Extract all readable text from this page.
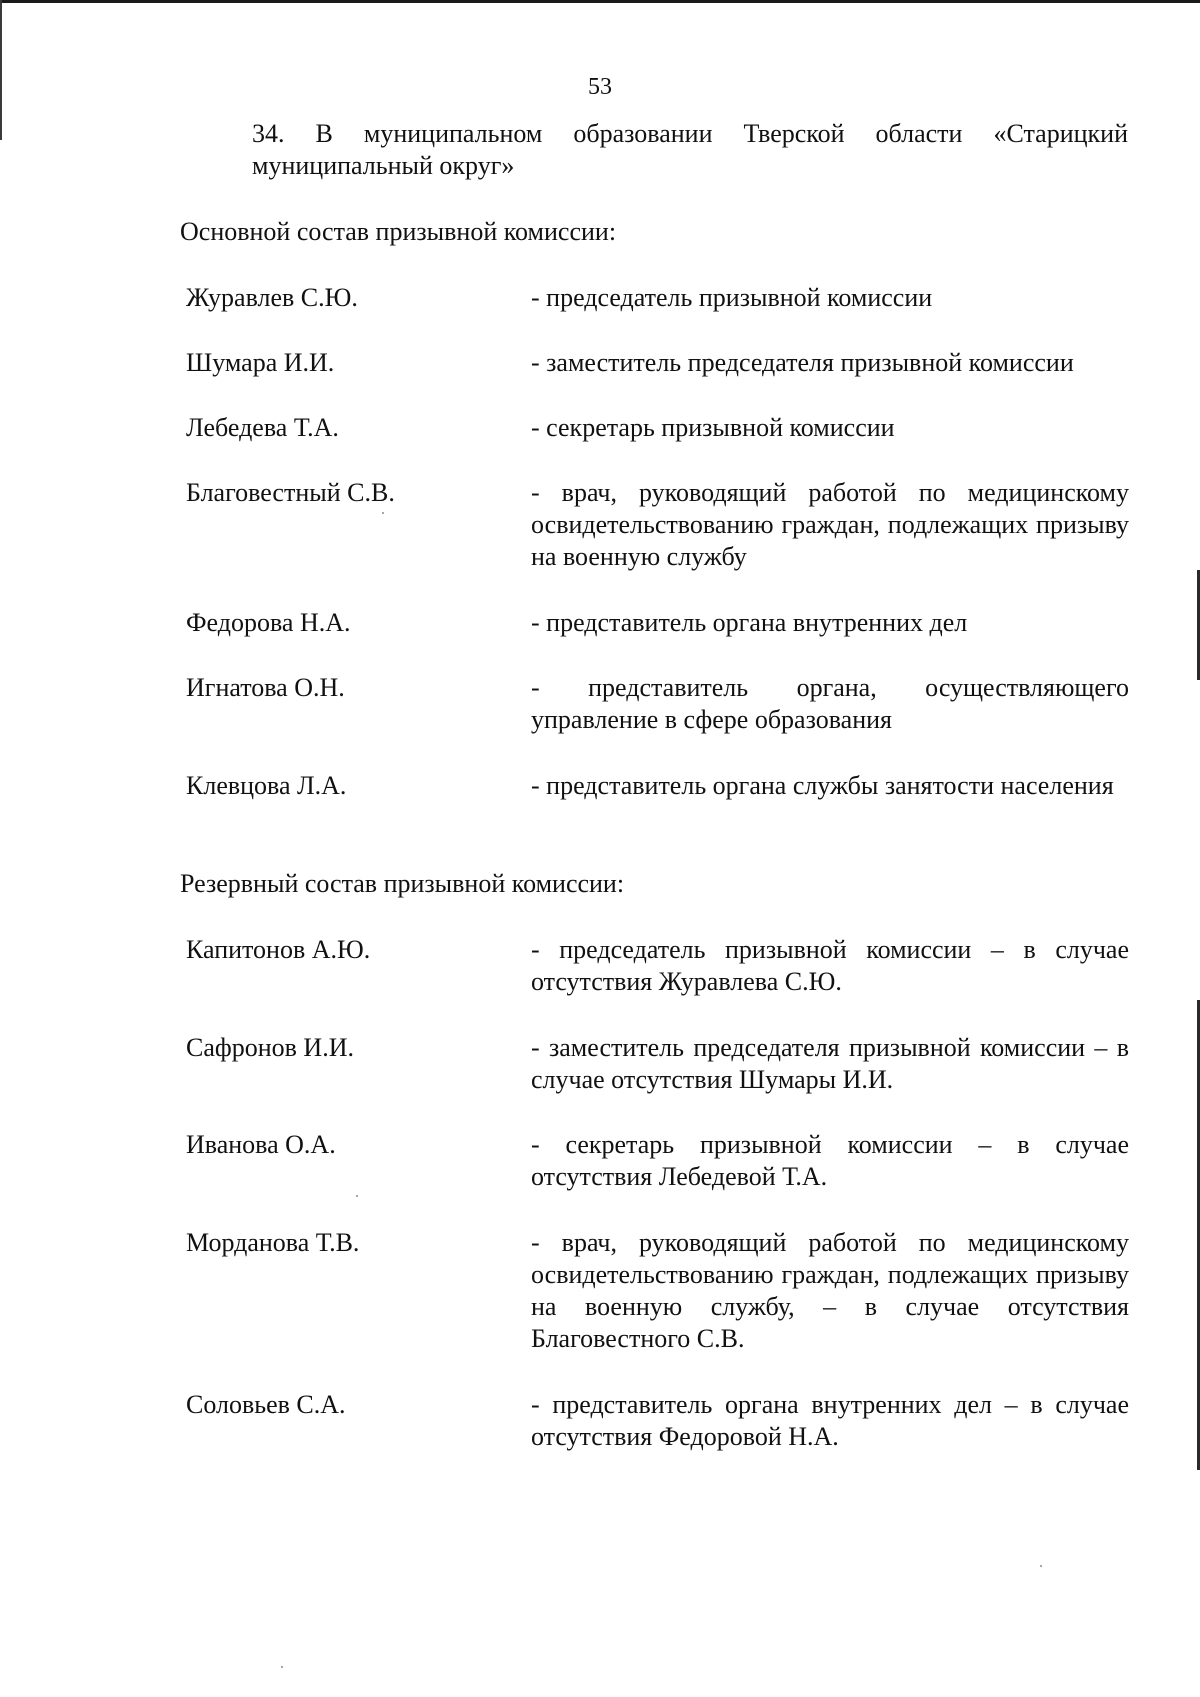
53
34. В муниципальном образовании Тверской области «Старицкий муниципальный округ»
Основной состав призывной комиссии:
Журавлев С.Ю.	- председатель призывной комиссии
Шумара И.И.	- заместитель председателя призывной комиссии
Лебедева Т.А.	- секретарь призывной комиссии
Благовестный С.В.	- врач, руководящий работой по медицинскому освидетельствованию граждан, подлежащих призыву на военную службу
Федорова Н.А.	- представитель органа внутренних дел
Игнатова О.Н.	- представитель органа, осуществляющего управление в сфере образования
Клевцова Л.А.	- представитель органа службы занятости населения
Резервный состав призывной комиссии:
Капитонов А.Ю.	- председатель призывной комиссии – в случае отсутствия Журавлева С.Ю.
Сафронов И.И.	- заместитель председателя призывной комиссии – в случае отсутствия Шумары И.И.
Иванова О.А.	- секретарь призывной комиссии – в случае отсутствия Лебедевой Т.А.
Морданова Т.В.	- врач, руководящий работой по медицинскому освидетельствованию граждан, подлежащих призыву на военную службу, – в случае отсутствия Благовестного С.В.
Соловьев С.А.	- представитель органа внутренних дел – в случае отсутствия Федоровой Н.А.
